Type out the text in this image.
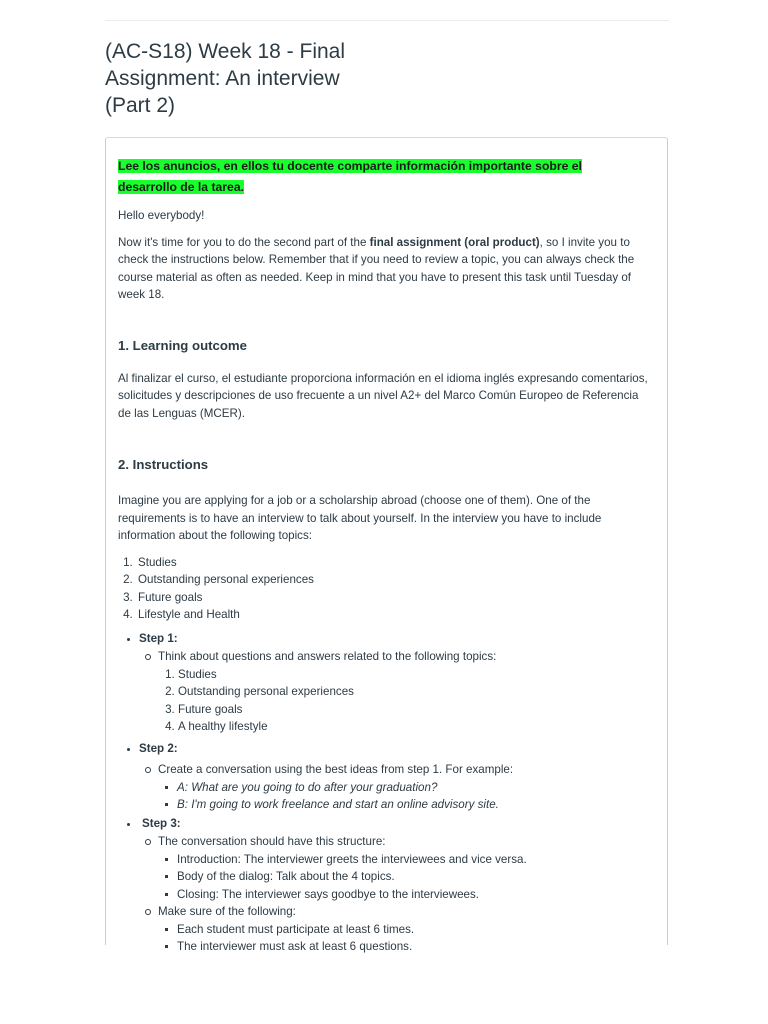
(AC-S18) Week 18 - Final
Assignment: An interview
(Part 2)

Lee los anuncios, en ellos tu docente comparte información importante sobre el
desarrollo de la tarea.

Hello everybody!

Now it's time for you to do the second part of the final assignment (oral product), so I invite you to check the instructions below. Remember that if you need to review a topic, you can always check the course material as often as needed. Keep in mind that you have to present this task until Tuesday of week 18.

1. Learning outcome

Al finalizar el curso, el estudiante proporciona información en el idioma inglés expresando comentarios, solicitudes y descripciones de uso frecuente a un nivel A2+ del Marco Común Europeo de Referencia de las Lenguas (MCER).

2. Instructions

Imagine you are applying for a job or a scholarship abroad (choose one of them). One of the requirements is to have an interview to talk about yourself. In the interview you have to include information about the following topics:

1. Studies
2. Outstanding personal experiences
3. Future goals
4. Lifestyle and Health
Step 1:
Think about questions and answers related to the following topics:
1. Studies
2. Outstanding personal experiences
3. Future goals
4. A healthy lifestyle
Step 2:
Create a conversation using the best ideas from step 1. For example:
A: What are you going to do after your graduation?
B: I'm going to work freelance and start an online advisory site.
Step 3:
The conversation should have this structure:
Introduction: The interviewer greets the interviewees and vice versa.
Body of the dialog: Talk about the 4 topics.
Closing: The interviewer says goodbye to the interviewees.
Make sure of the following:
Each student must participate at least 6 times.
The interviewer must ask at least 6 questions.
